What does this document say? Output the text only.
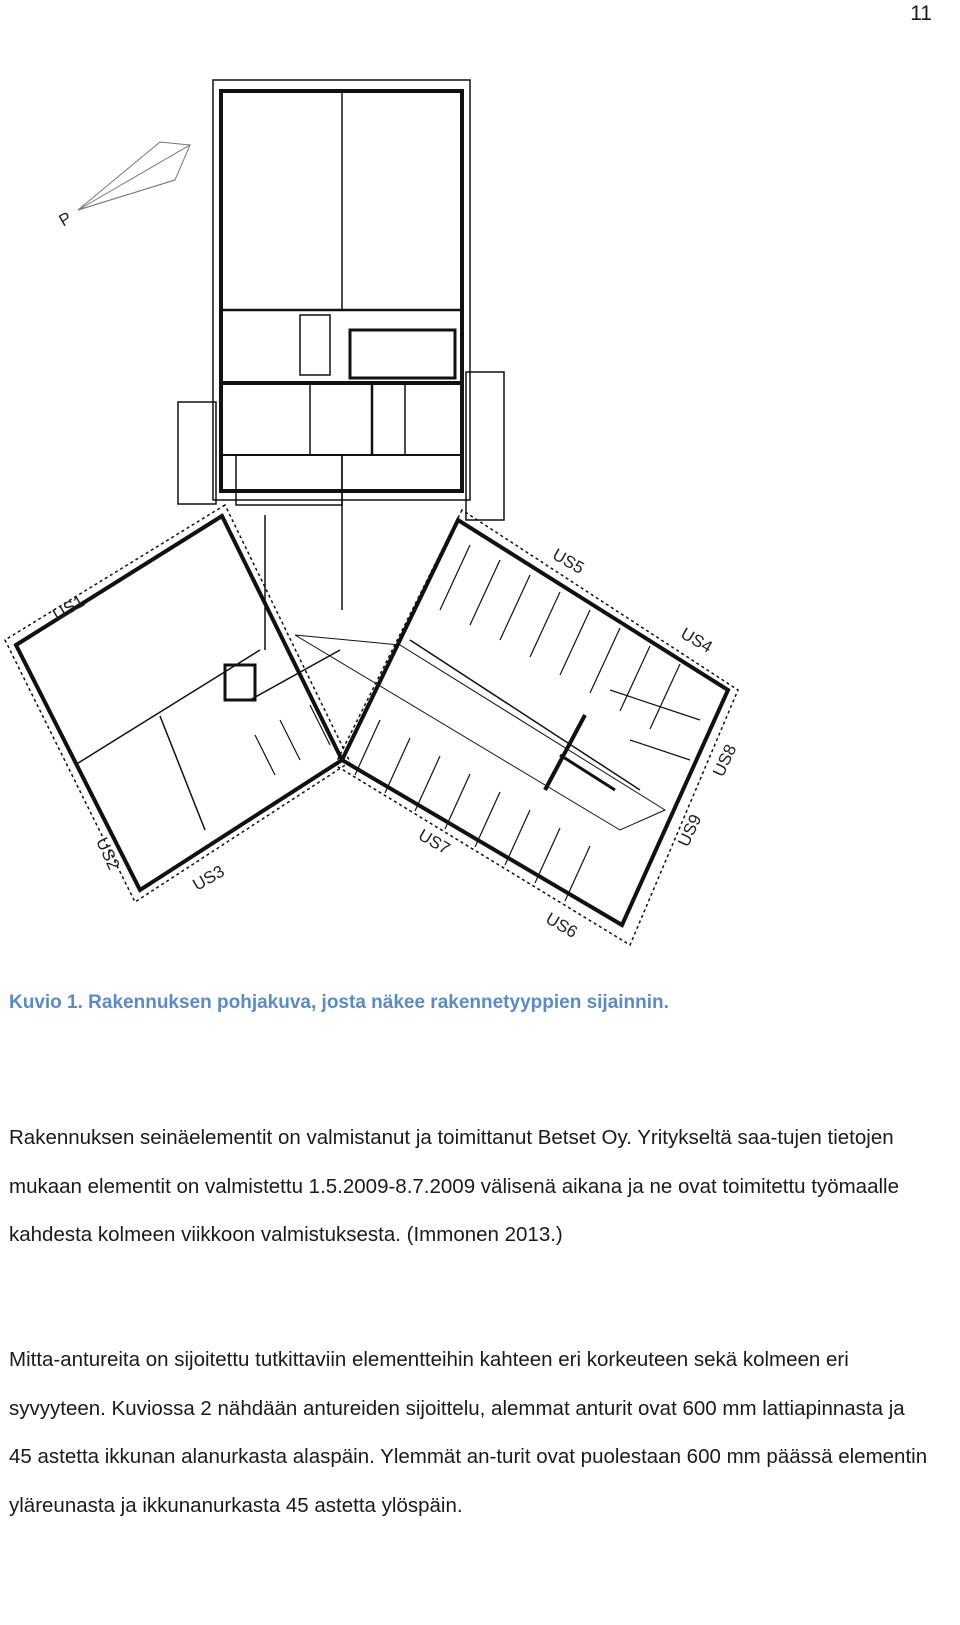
11
P
US1
US2
US3
US4
US5
US6
US7
US8
US9
Kuvio 1. Rakennuksen pohjakuva, josta näkee rakennetyyppien sijainnin.

Rakennuksen seinäelementit on valmistanut ja toimittanut Betset Oy. Yritykseltä saa-tujen tietojen mukaan elementit on valmistettu 1.5.2009-8.7.2009 välisenä aikana ja ne ovat toimitettu työmaalle kahdesta kolmeen viikkoon valmistuksesta. (Immonen 2013.)

Mitta-antureita on sijoitettu tutkittaviin elementteihin kahteen eri korkeuteen sekä kolmeen eri syvyyteen. Kuviossa 2 nähdään antureiden sijoittelu, alemmat anturit ovat 600 mm lattiapinnasta ja 45 astetta ikkunan alanurkasta alaspäin. Ylemmät an-turit ovat puolestaan 600 mm päässä elementin yläreunasta ja ikkunanurkasta 45 astetta ylöspäin.
